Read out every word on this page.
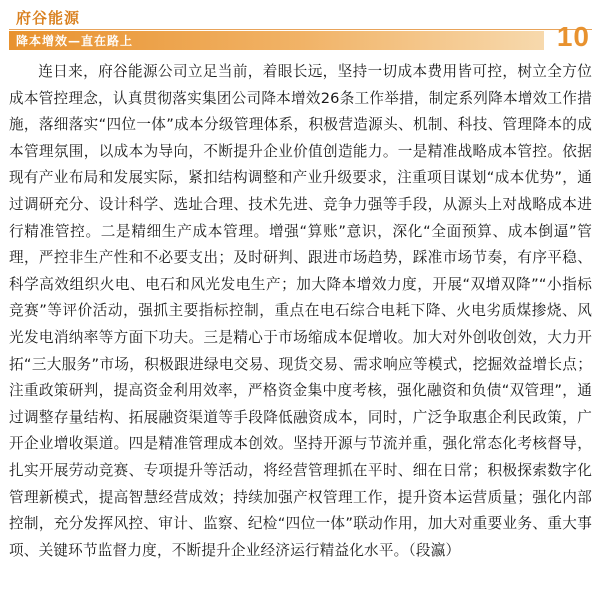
府谷能源
降本增效—直在路上	10

连日来，府谷能源公司立足当前，着眼长远，坚持一切成本费用皆可控，树立全方位成本管控理念，认真贯彻落实集团公司降本增效26条工作举措，制定系列降本增效工作措施，落细落实“四位一体”成本分级管理体系，积极营造源头、机制、科技、管理降本的成本管理氛围，以成本为导向，不断提升企业价值创造能力。一是精准战略成本管控。依据现有产业布局和发展实际，紧扣结构调整和产业升级要求，注重项目谋划“成本优势”，通过调研充分、设计科学、选址合理、技术先进、竞争力强等手段，从源头上对战略成本进行精准管控。二是精细生产成本管理。增强“算账”意识，深化“全面预算、成本倒逼”管理，严控非生产性和不必要支出；及时研判、跟进市场趋势，踩准市场节奏，有序平稳、科学高效组织火电、电石和风光发电生产；加大降本增效力度，开展“双增双降”“小指标竞赛”等评价活动，强抓主要指标控制，重点在电石综合电耗下降、火电劣质煤掺烧、风光发电消纳率等方面下功夫。三是精心于市场缩成本促增收。加大对外创收创效，大力开拓“三大服务”市场，积极跟进绿电交易、现货交易、需求响应等模式，挖掘效益增长点；注重政策研判，提高资金利用效率，严格资金集中度考核，强化融资和负债“双管理”，通过调整存量结构、拓展融资渠道等手段降低融资成本，同时，广泛争取惠企利民政策，广开企业增收渠道。四是精准管理成本创效。坚持开源与节流并重，强化常态化考核督导，扎实开展劳动竞赛、专项提升等活动，将经营管理抓在平时、细在日常；积极探索数字化管理新模式，提高智慧经营成效；持续加强产权管理工作，提升资本运营质量；强化内部控制，充分发挥风控、审计、监察、纪检“四位一体”联动作用，加大对重要业务、重大事项、关键环节监督力度，不断提升企业经济运行精益化水平。（段瀛）
